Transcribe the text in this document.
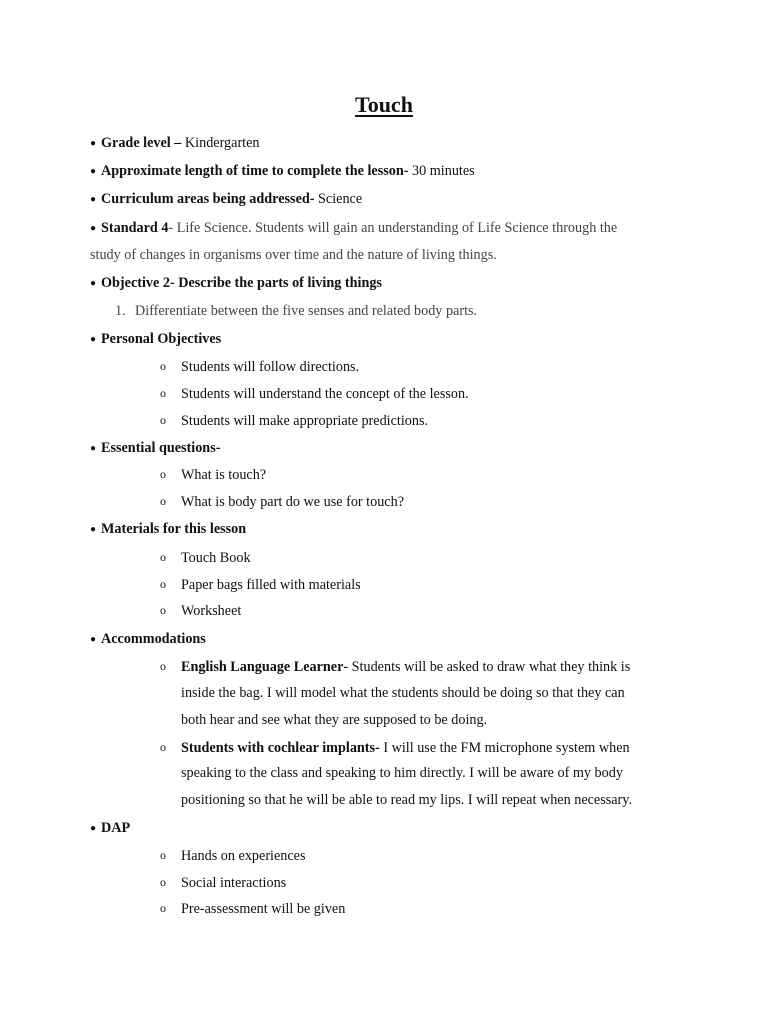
Touch
● Grade level – Kindergarten
● Approximate length of time to complete the lesson- 30 minutes
● Curriculum areas being addressed- Science
● Standard 4- Life Science. Students will gain an understanding of Life Science through the
study of changes in organisms over time and the nature of living things.
● Objective 2- Describe the parts of living things
1. Differentiate between the five senses and related body parts.
● Personal Objectives
o Students will follow directions.
o Students will understand the concept of the lesson.
o Students will make appropriate predictions.
● Essential questions-
o What is touch?
o What is body part do we use for touch?
● Materials for this lesson
o Touch Book
o Paper bags filled with materials
o Worksheet
● Accommodations
o English Language Learner- Students will be asked to draw what they think is
inside the bag. I will model what the students should be doing so that they can
both hear and see what they are supposed to be doing.
o Students with cochlear implants- I will use the FM microphone system when
speaking to the class and speaking to him directly. I will be aware of my body
positioning so that he will be able to read my lips. I will repeat when necessary.
● DAP
o Hands on experiences
o Social interactions
o Pre-assessment will be given
